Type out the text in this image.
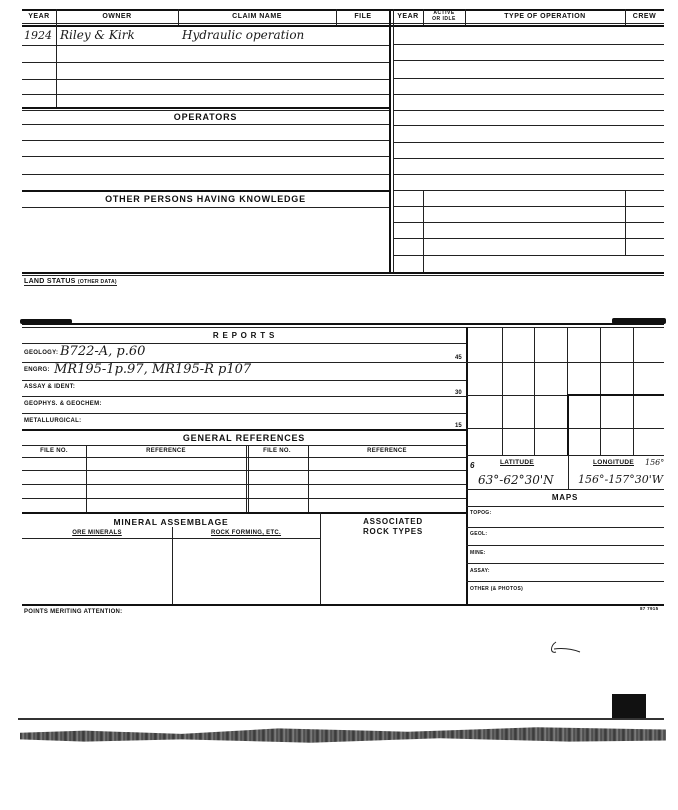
YEAR	OWNER	CLAIM NAME	FILE	YEAR	ACTIVE
OR IDLE	TYPE OF OPERATION	CREW
1924 Riley & Kirk	Hydraulic operation
OPERATORS
OTHER PERSONS HAVING KNOWLEDGE
LAND STATUS (OTHER DATA)
R E P O R T S
GEOLOGY: B722-A, p.60	45
ENGRG: MR195-1p.97, MR195-R p107
ASSAY & IDENT:
30
GEOPHYS. & GEOCHEM:
METALLURGICAL:
15
GENERAL REFERENCES
FILE NO.	REFERENCE	FILE NO.	REFERENCE
MINERAL ASSEMBLAGE
ORE MINERALS	ROCK FORMING, ETC.
ASSOCIATED
ROCK TYPES
6	LATITUDE	LONGITUDE 156°
63°-62°30'N 156°-157°30'W
MAPS
TOPOG:
GEOL:
MINE:
ASSAY:
OTHER (& PHOTOS)
POINTS MERITING ATTENTION:
87 7915
